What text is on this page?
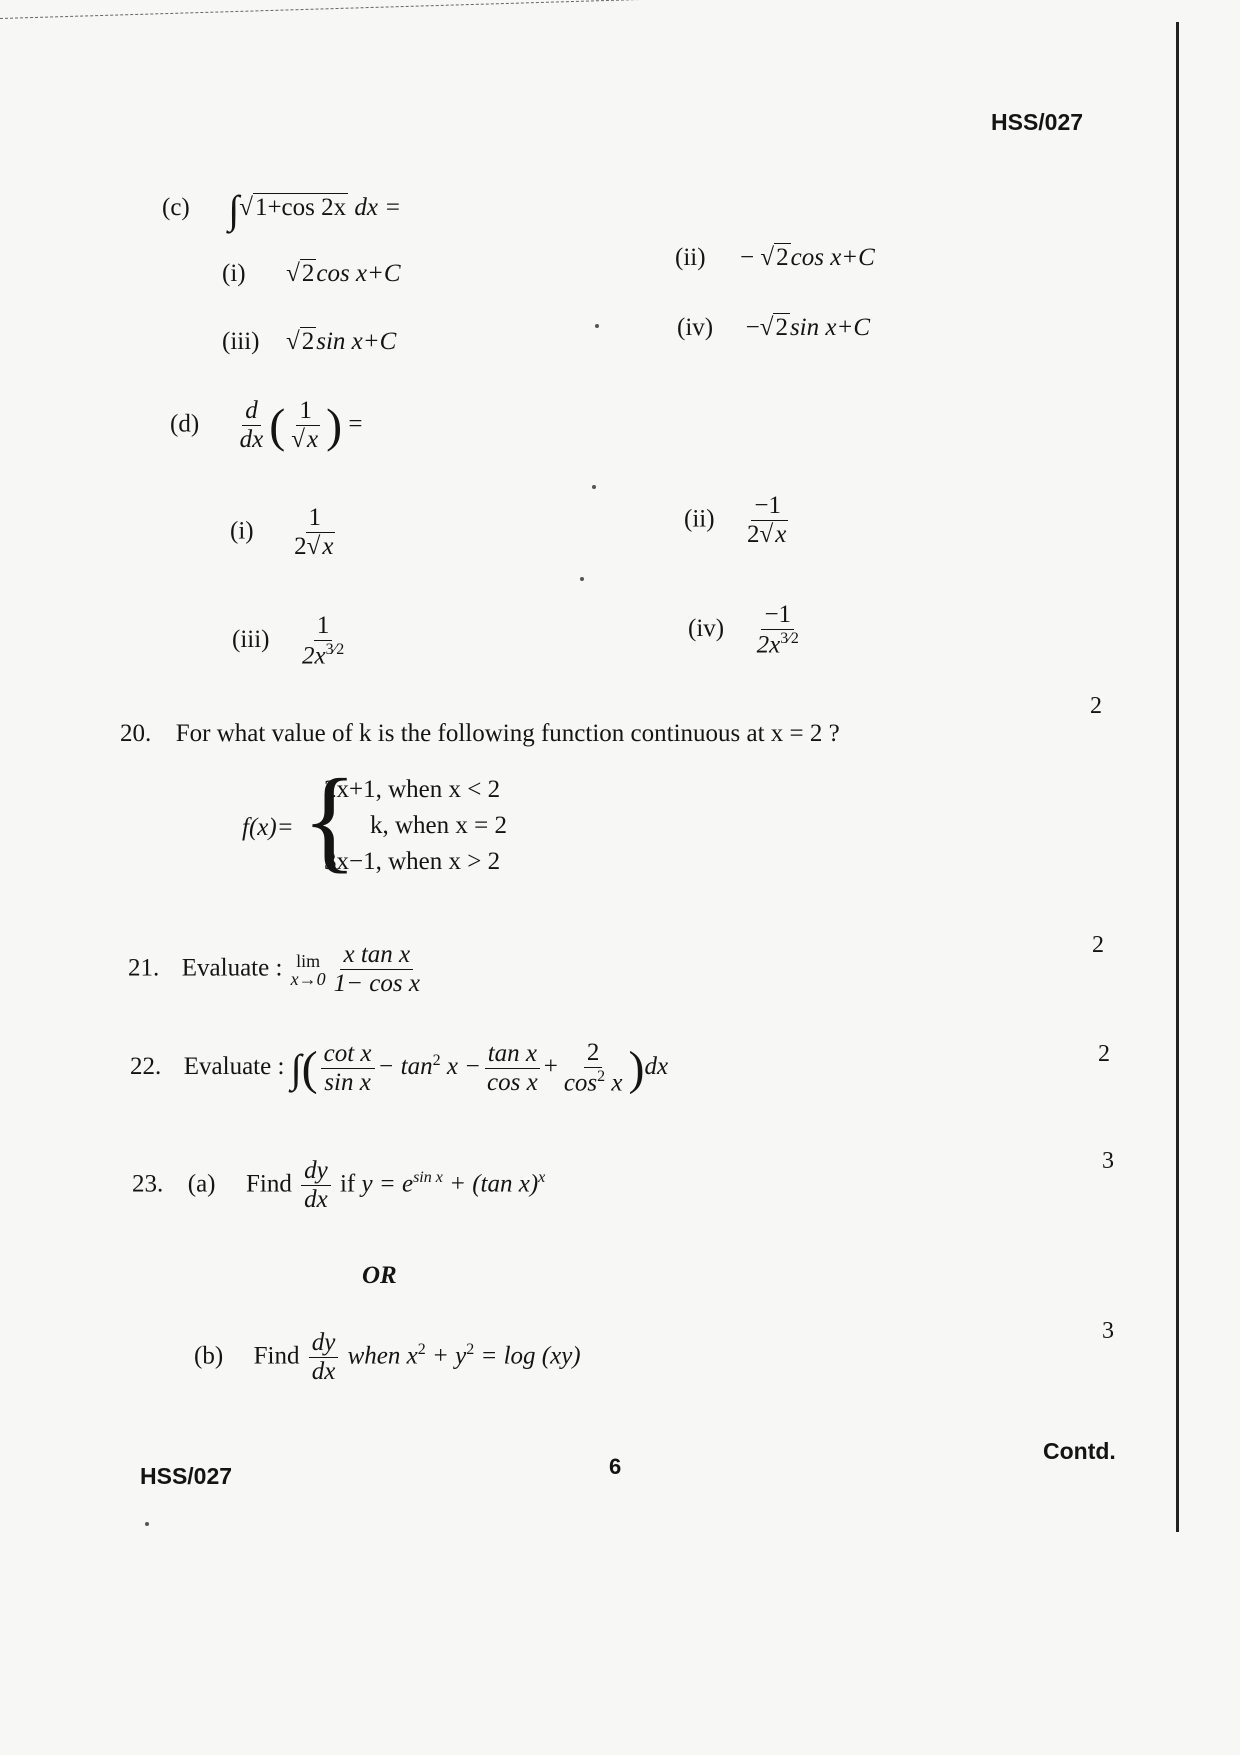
HSS/027
(c) ∫√1+cos 2x dx =
(i) √2cos x+C
(ii) − √2cos x+C
(iii) √2sin x+C
(iv) −√2sin x+C
$(d) \frac{d}{dx}$ ( $\frac{1}{√x}$ ) =
$(i) \frac{1}{2√x}$	$(ii) \frac{-1}{2√x}$
$(iii) \frac{1}{2x^{3⁄2}}$	$(iv) \frac{-1}{2x^{3⁄2}}$
2
20. For what value of k is the following function continuous at x = 2 ?
f(x)= {
2x+1, when x < 2
k, when x = 2
3x−1, when x > 2
2
21. Evaluate : lim
$x\to 0 \frac{\text{x tan x}}{\text{1− cos x}}$
2
22. Evaluate : ∫( $\frac{\text{cot x}}{\text{sin x}} - \tan^2 x - \frac{\text{tan x}}{\text{cos x}} + \frac{2}{\cos^2 x} )dx$
3
23. (a) Find $\frac{dy}{dx}$ if $y = e^{sin x} + (\tan$ x)$^x$
OR
3
(b) Find $\frac{dy}{dx}$ when $x^2 + y^2 = \log (xy)$
HSS/027	6
Contd.
